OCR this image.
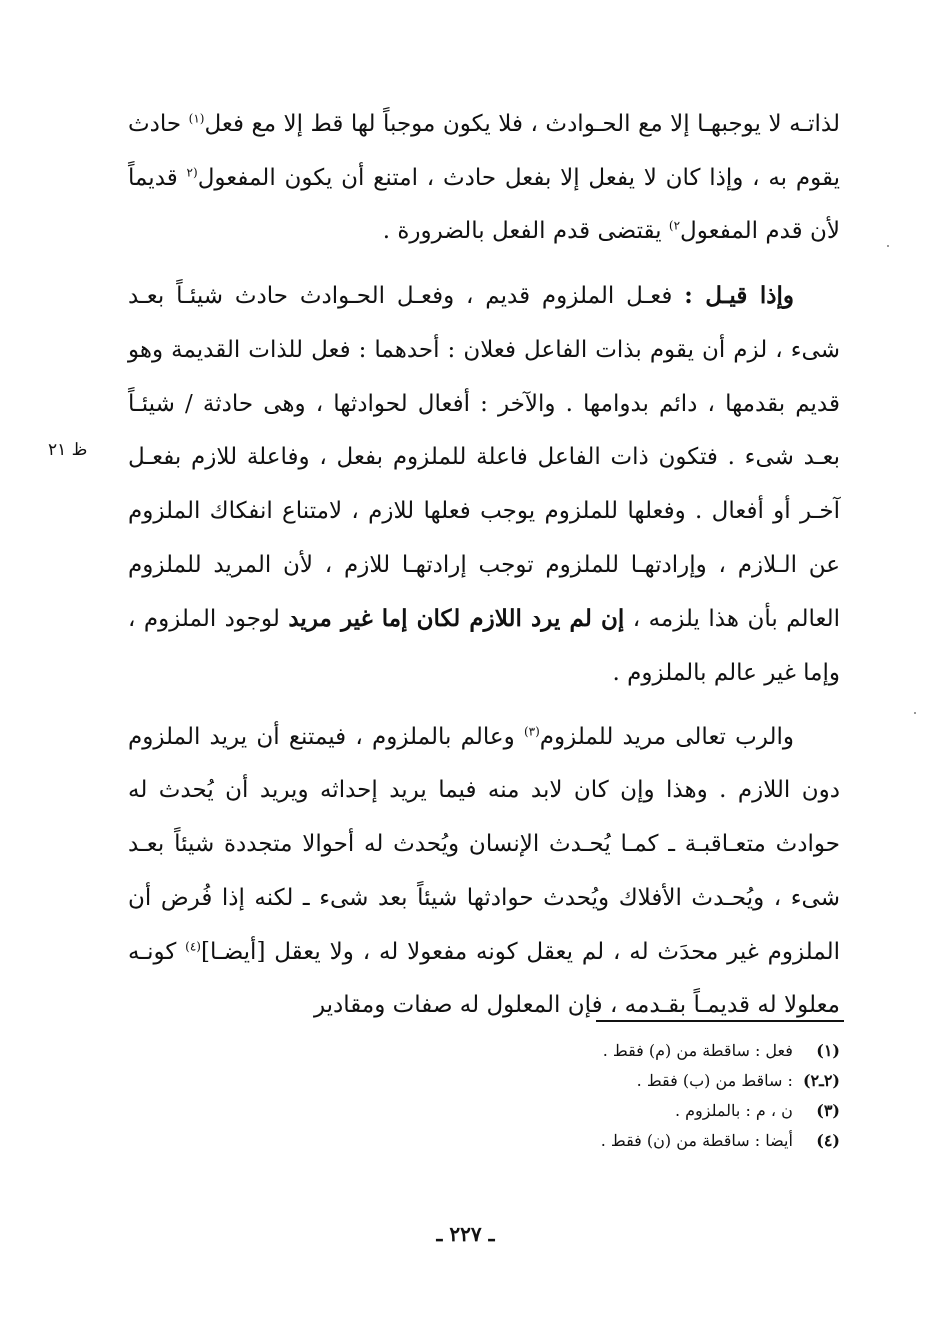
لذاتـه لا يوجبهـا إلا مع الحـوادث ، فلا يكون موجباً لها قط إلا مع فعل$^{(١)}$ حادث يقوم به ، وإذا كان لا يفعل إلا بفعل حادث ، امتنع أن يكون المفعول$^{(٢}$ قديماً لأن قدم المفعول$^{٢)}$ يقتضى قدم الفعل بالضرورة .

وإذا قيـل : فعـل الملزوم قديم ، وفعـل الحـوادث حادث شيئـاً بعـد شىء ، لزم أن يقوم بذات الفاعل فعلان : أحدهما : فعل للذات القديمة وهو قديم بقدمها ، دائم بدوامها . والآخر : أفعال لحوادثها ، وهى حادثة / شيئـاً بعـد شىء . فتكون ذات الفاعل فاعلة للملزوم بفعل ، وفاعلة للازم بفعـل آخـر أو أفعال . وفعلها للملزوم يوجب فعلها للازم ، لامتناع انفكاك الملزوم عن الـلازم ، وإرادتهـا للملزوم توجب إرادتهـا للازم ، لأن المريد للملزوم العالم بأن هذا يلزمه ، إن لم يرد اللازم لكان إما غير مريد لوجود الملزوم ، وإما غير عالم بالملزوم .

والرب تعالى مريد للملزوم$^{(٣)}$ وعالم بالملزوم ، فيمتنع أن يريد الملزوم دون اللازم . وهذا وإن كان لابد منه فيما يريد إحداثه ويريد أن يُحدث له حوادث متعـاقبـة ـ كمـا يُحـدث الإنسان ويُحدث له أحوالا متجددة شيئاً بعـد شىء ، ويُحـدث الأفلاك ويُحدث حوادثها شيئاً بعد شىء ـ لكنه إذا فُرض أن الملزوم غير محدَث له ، لم يعقل كونه مفعولا له ، ولا يعقل [أيضـا]$^{(٤)}$ كونـه معلولا له قديمـاً بقـدمه ، فإن المعلول له صفات ومقادير

ظ ٢١

(١) فعل : ساقطة من (م) فقط .

(٢ـ٢) : ساقط من (ب) فقط .

(٣) ن ، م : بالملزوم .

(٤) أيضا : ساقطة من (ن) فقط .

ـ ٢٢٧ ـ
